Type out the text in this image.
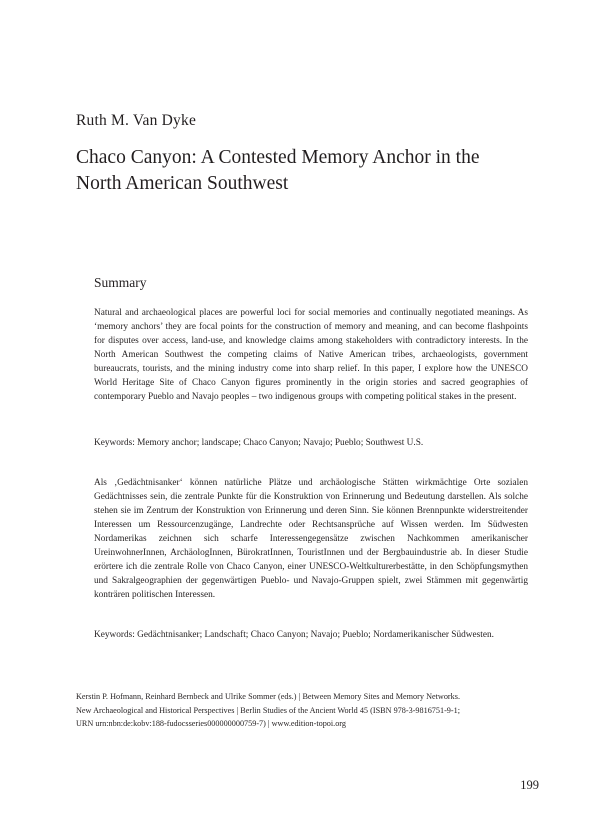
Ruth M. Van Dyke
Chaco Canyon: A Contested Memory Anchor in the North American Southwest
Summary
Natural and archaeological places are powerful loci for social memories and continually negotiated meanings. As ‘memory anchors’ they are focal points for the construction of memory and meaning, and can become flashpoints for disputes over access, land-use, and knowledge claims among stakeholders with contradictory interests. In the North American Southwest the competing claims of Native American tribes, archaeologists, government bureaucrats, tourists, and the mining industry come into sharp relief. In this paper, I explore how the UNESCO World Heritage Site of Chaco Canyon figures prominently in the origin stories and sacred geographies of contemporary Pueblo and Navajo peoples – two indigenous groups with competing political stakes in the present.
Keywords: Memory anchor; landscape; Chaco Canyon; Navajo; Pueblo; Southwest U.S.
Als ‚Gedächtnisanker‘ können natürliche Plätze und archäologische Stätten wirkmächtige Orte sozialen Gedächtnisses sein, die zentrale Punkte für die Konstruktion von Erinnerung und Bedeutung darstellen. Als solche stehen sie im Zentrum der Konstruktion von Erinnerung und deren Sinn. Sie können Brennpunkte widerstreitender Interessen um Ressourcenzugänge, Landrechte oder Rechtsansprüche auf Wissen werden. Im Südwesten Nordamerikas zeichnen sich scharfe Interessengegensätze zwischen Nachkommen amerikanischer UreinwohnerInnen, ArchäologInnen, BürokratInnen, TouristInnen und der Bergbauindustrie ab. In dieser Studie erörtere ich die zentrale Rolle von Chaco Canyon, einer UNESCO-Weltkulturerbestätte, in den Schöpfungsmythen und Sakralgeographien der gegenwärtigen Pueblo- und Navajo-Gruppen spielt, zwei Stämmen mit gegenwärtig konträren politischen Interessen.
Keywords: Gedächtnisanker; Landschaft; Chaco Canyon; Navajo; Pueblo; Nordamerikanischer Südwesten.
Kerstin P. Hofmann, Reinhard Bernbeck and Ulrike Sommer (eds.) | Between Memory Sites and Memory Networks. New Archaeological and Historical Perspectives | Berlin Studies of the Ancient World 45 (ISBN 978-3-9816751-9-1; URN urn:nbn:de:kobv:188-fudocsseries000000000759-7) | www.edition-topoi.org
199
